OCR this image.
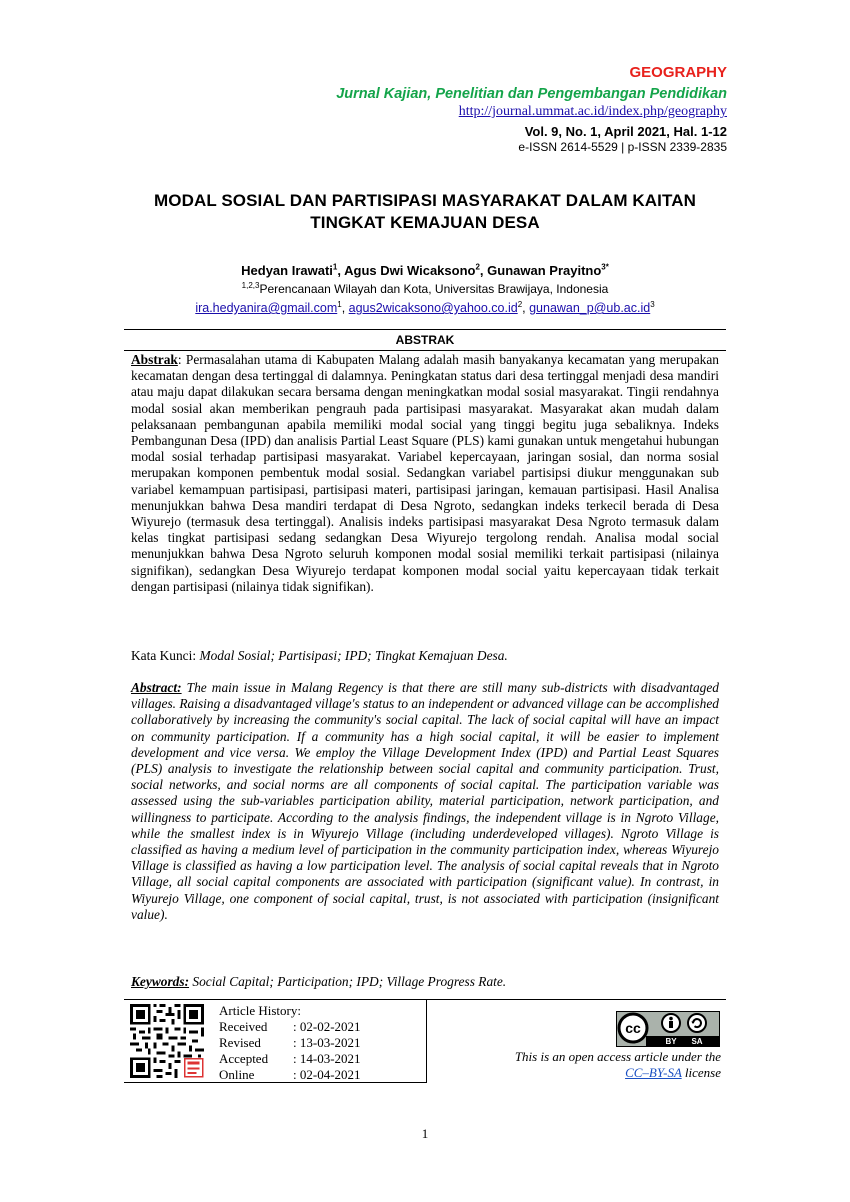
GEOGRAPHY
Jurnal Kajian, Penelitian dan Pengembangan Pendidikan
http://journal.ummat.ac.id/index.php/geography
Vol. 9, No. 1, April 2021, Hal. 1-12
e-ISSN 2614-5529 | p-ISSN 2339-2835
MODAL SOSIAL DAN PARTISIPASI MASYARAKAT DALAM KAITAN
TINGKAT KEMAJUAN DESA
Hedyan Irawati$^1$, Agus Dwi Wicaksono$^2$, Gunawan Prayitno$^{3*}$
$^{1,2,3}$Perencanaan Wilayah dan Kota, Universitas Brawijaya, Indonesia
ira.hedyanira@gmail.com$^1$, $agus2wicaksono@yahoo.co.id^2$, $gunawan\_p@ub.ac.id^3$
ABSTRAK
Abstrak: Permasalahan utama di Kabupaten Malang adalah masih banyakanya kecamatan yang merupakan kecamatan dengan desa tertinggal di dalamnya. Peningkatan status dari desa tertinggal menjadi desa mandiri atau maju dapat dilakukan secara bersama dengan meningkatkan modal sosial masyarakat. Tingii rendahnya modal sosial akan memberikan pengrauh pada partisipasi masyarakat. Masyarakat akan mudah dalam pelaksanaan pembangunan apabila memiliki modal social yang tinggi begitu juga sebaliknya. Indeks Pembangunan Desa (IPD) dan analisis Partial Least Square (PLS) kami gunakan untuk mengetahui hubungan modal sosial terhadap partisipasi masyarakat. Variabel kepercayaan, jaringan sosial, dan norma sosial merupakan komponen pembentuk modal sosial. Sedangkan variabel partisipsi diukur menggunakan sub variabel kemampuan partisipasi, partisipasi materi, partisipasi jaringan, kemauan partisipasi. Hasil Analisa menunjukkan bahwa Desa mandiri terdapat di Desa Ngroto, sedangkan indeks terkecil berada di Desa Wiyurejo (termasuk desa tertinggal). Analisis indeks partisipasi masyarakat Desa Ngroto termasuk dalam kelas tingkat partisipasi sedang sedangkan Desa Wiyurejo tergolong rendah. Analisa modal social menunjukkan bahwa Desa Ngroto seluruh komponen modal sosial memiliki terkait partisipasi (nilainya signifikan), sedangkan Desa Wiyurejo terdapat komponen modal social yaitu kepercayaan tidak terkait dengan partisipasi (nilainya tidak signifikan).
Kata Kunci: Modal Sosial; Partisipasi; IPD; Tingkat Kemajuan Desa.
Abstract: The main issue in Malang Regency is that there are still many sub-districts with disadvantaged villages. Raising a disadvantaged village's status to an independent or advanced village can be accomplished collaboratively by increasing the community's social capital. The lack of social capital will have an impact on community participation. If a community has a high social capital, it will be easier to implement development and vice versa. We employ the Village Development Index (IPD) and Partial Least Squares (PLS) analysis to investigate the relationship between social capital and community participation. Trust, social networks, and social norms are all components of social capital. The participation variable was assessed using the sub-variables participation ability, material participation, network participation, and willingness to participate. According to the analysis findings, the independent village is in Ngroto Village, while the smallest index is in Wiyurejo Village (including underdeveloped villages). Ngroto Village is classified as having a medium level of participation in the community participation index, whereas Wiyurejo Village is classified as having a low participation level. The analysis of social capital reveals that in Ngroto Village, all social capital components are associated with participation (significant value). In contrast, in Wiyurejo Village, one component of social capital, trust, is not associated with participation (insignificant value).
Keywords: Social Capital; Participation; IPD; Village Progress Rate.
Article History:
Received	: 02-02-2021
Revised	: 13-03-2021
Accepted	: 14-03-2021
Online	: 02-04-2021
cc
BY SA
This is an open access article under the
CC–BY-SA license
1
